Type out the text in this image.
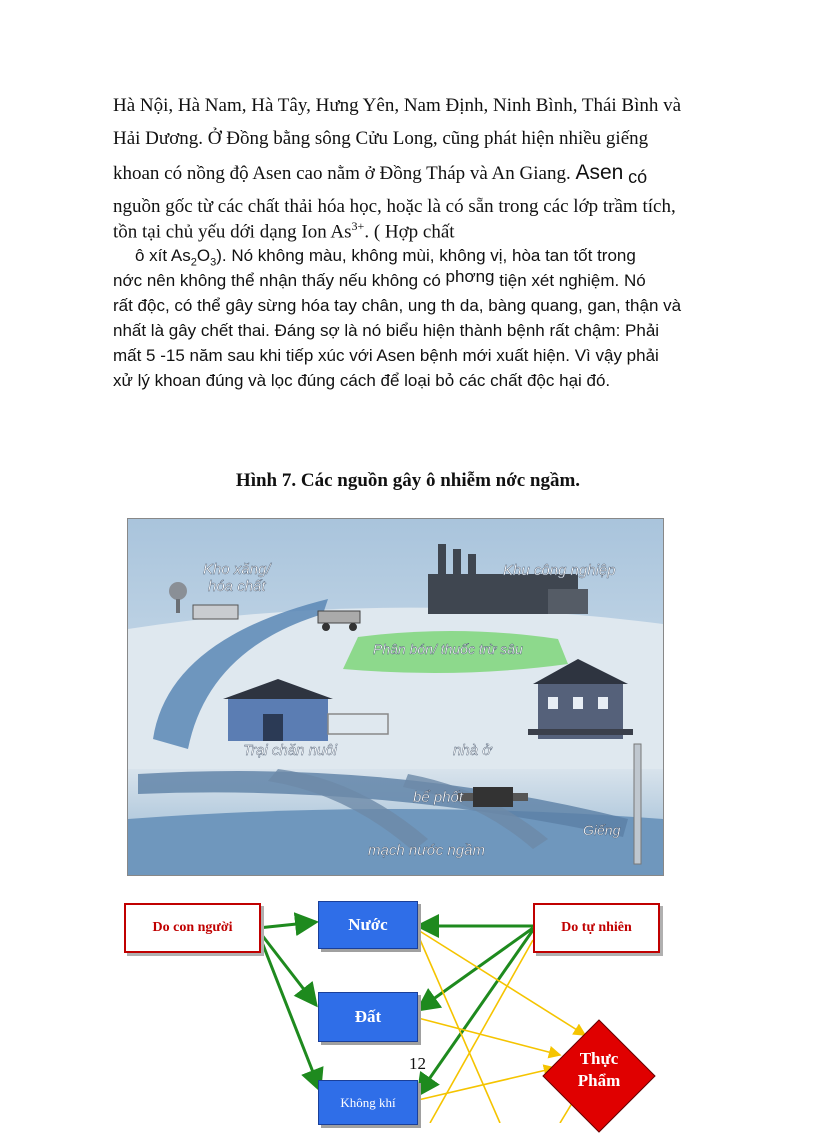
Hà Nội, Hà Nam, Hà Tây, Hưng Yên, Nam Định, Ninh Bình, Thái Bình và
Hải Dương. Ở Đồng bằng sông Cửu Long, cũng phát hiện nhiều giếng
khoan có nồng độ Asen cao nằm ở Đồng Tháp và An Giang. Asen có
nguồn gốc từ các chất thải hóa học, hoặc là có sẵn trong các lớp trầm tích,
tồn tại chủ yếu dới dạng Ion $As^{3+}$. ( Hợp chất
ô xít $As_2O_3$). Nó không màu, không mùi, không vị, hòa tan tốt trong
nớc nên không thể nhận thấy nếu không có phơng tiện xét nghiệm. Nó
rất độc, có thể gây sừng hóa tay chân, ung th da, bàng quang, gan, thận và
nhất là gây chết thai. Đáng sợ là nó biểu hiện thành bệnh rất chậm: Phải
mất 5 -15 năm sau khi tiếp xúc với Asen bệnh mới xuất hiện. Vì vậy phải
xử lý khoan đúng và lọc đúng cách để loại bỏ các chất độc hại đó.
Hình 7. Các nguồn gây ô nhiễm nớc ngầm.
Kho xăng/
hóa chất
Khu công nghiệp
Phân bón/ thuốc trừ sâu
Trại chăn nuôi	nhà ở
bể phốt
Giếng
mạch nước ngầm
Do con người	Do tự nhiên
Nước
Đất
Không khí
Thực
Phẩm
12
